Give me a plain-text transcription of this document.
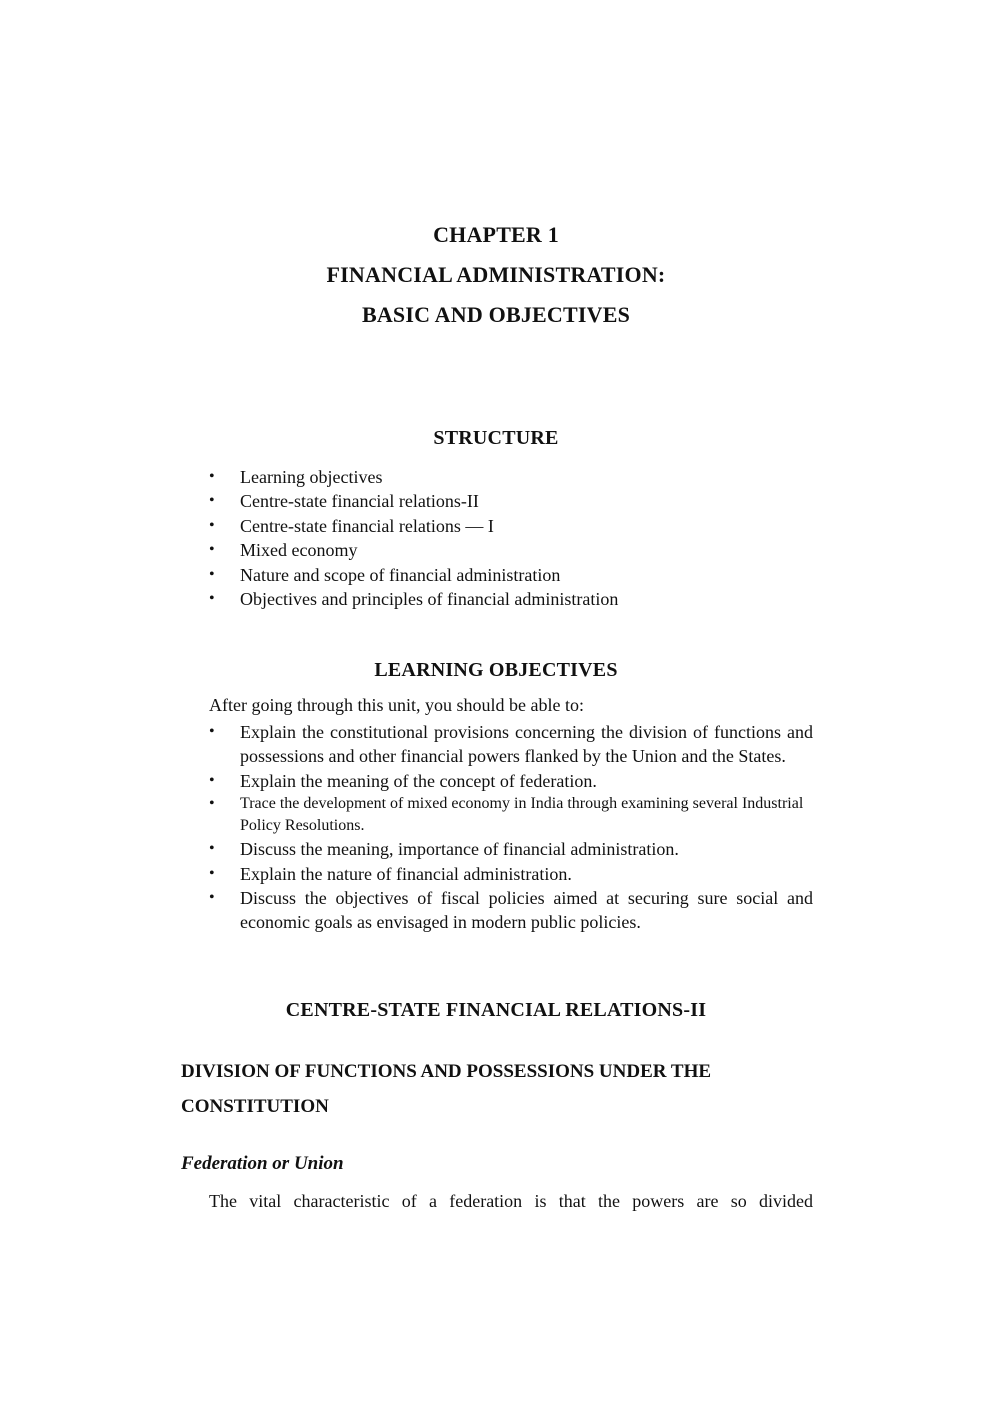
CHAPTER 1
FINANCIAL ADMINISTRATION:
BASIC AND OBJECTIVES
STRUCTURE
• Learning objectives
• Centre-state financial relations-II
• Centre-state financial relations — I
• Mixed economy
• Nature and scope of financial administration
• Objectives and principles of financial administration
LEARNING OBJECTIVES
After going through this unit, you should be able to:
• Explain the constitutional provisions concerning the division of functions and possessions and other financial powers flanked by the Union and the States.
• Explain the meaning of the concept of federation.
• Trace the development of mixed economy in India through examining several Industrial Policy Resolutions.
• Discuss the meaning, importance of financial administration.
• Explain the nature of financial administration.
• Discuss the objectives of fiscal policies aimed at securing sure social and economic goals as envisaged in modern public policies.
CENTRE-STATE FINANCIAL RELATIONS-II
DIVISION OF FUNCTIONS AND POSSESSIONS UNDER THE
CONSTITUTION
Federation or Union
The vital characteristic of a federation is that the powers are so divided
